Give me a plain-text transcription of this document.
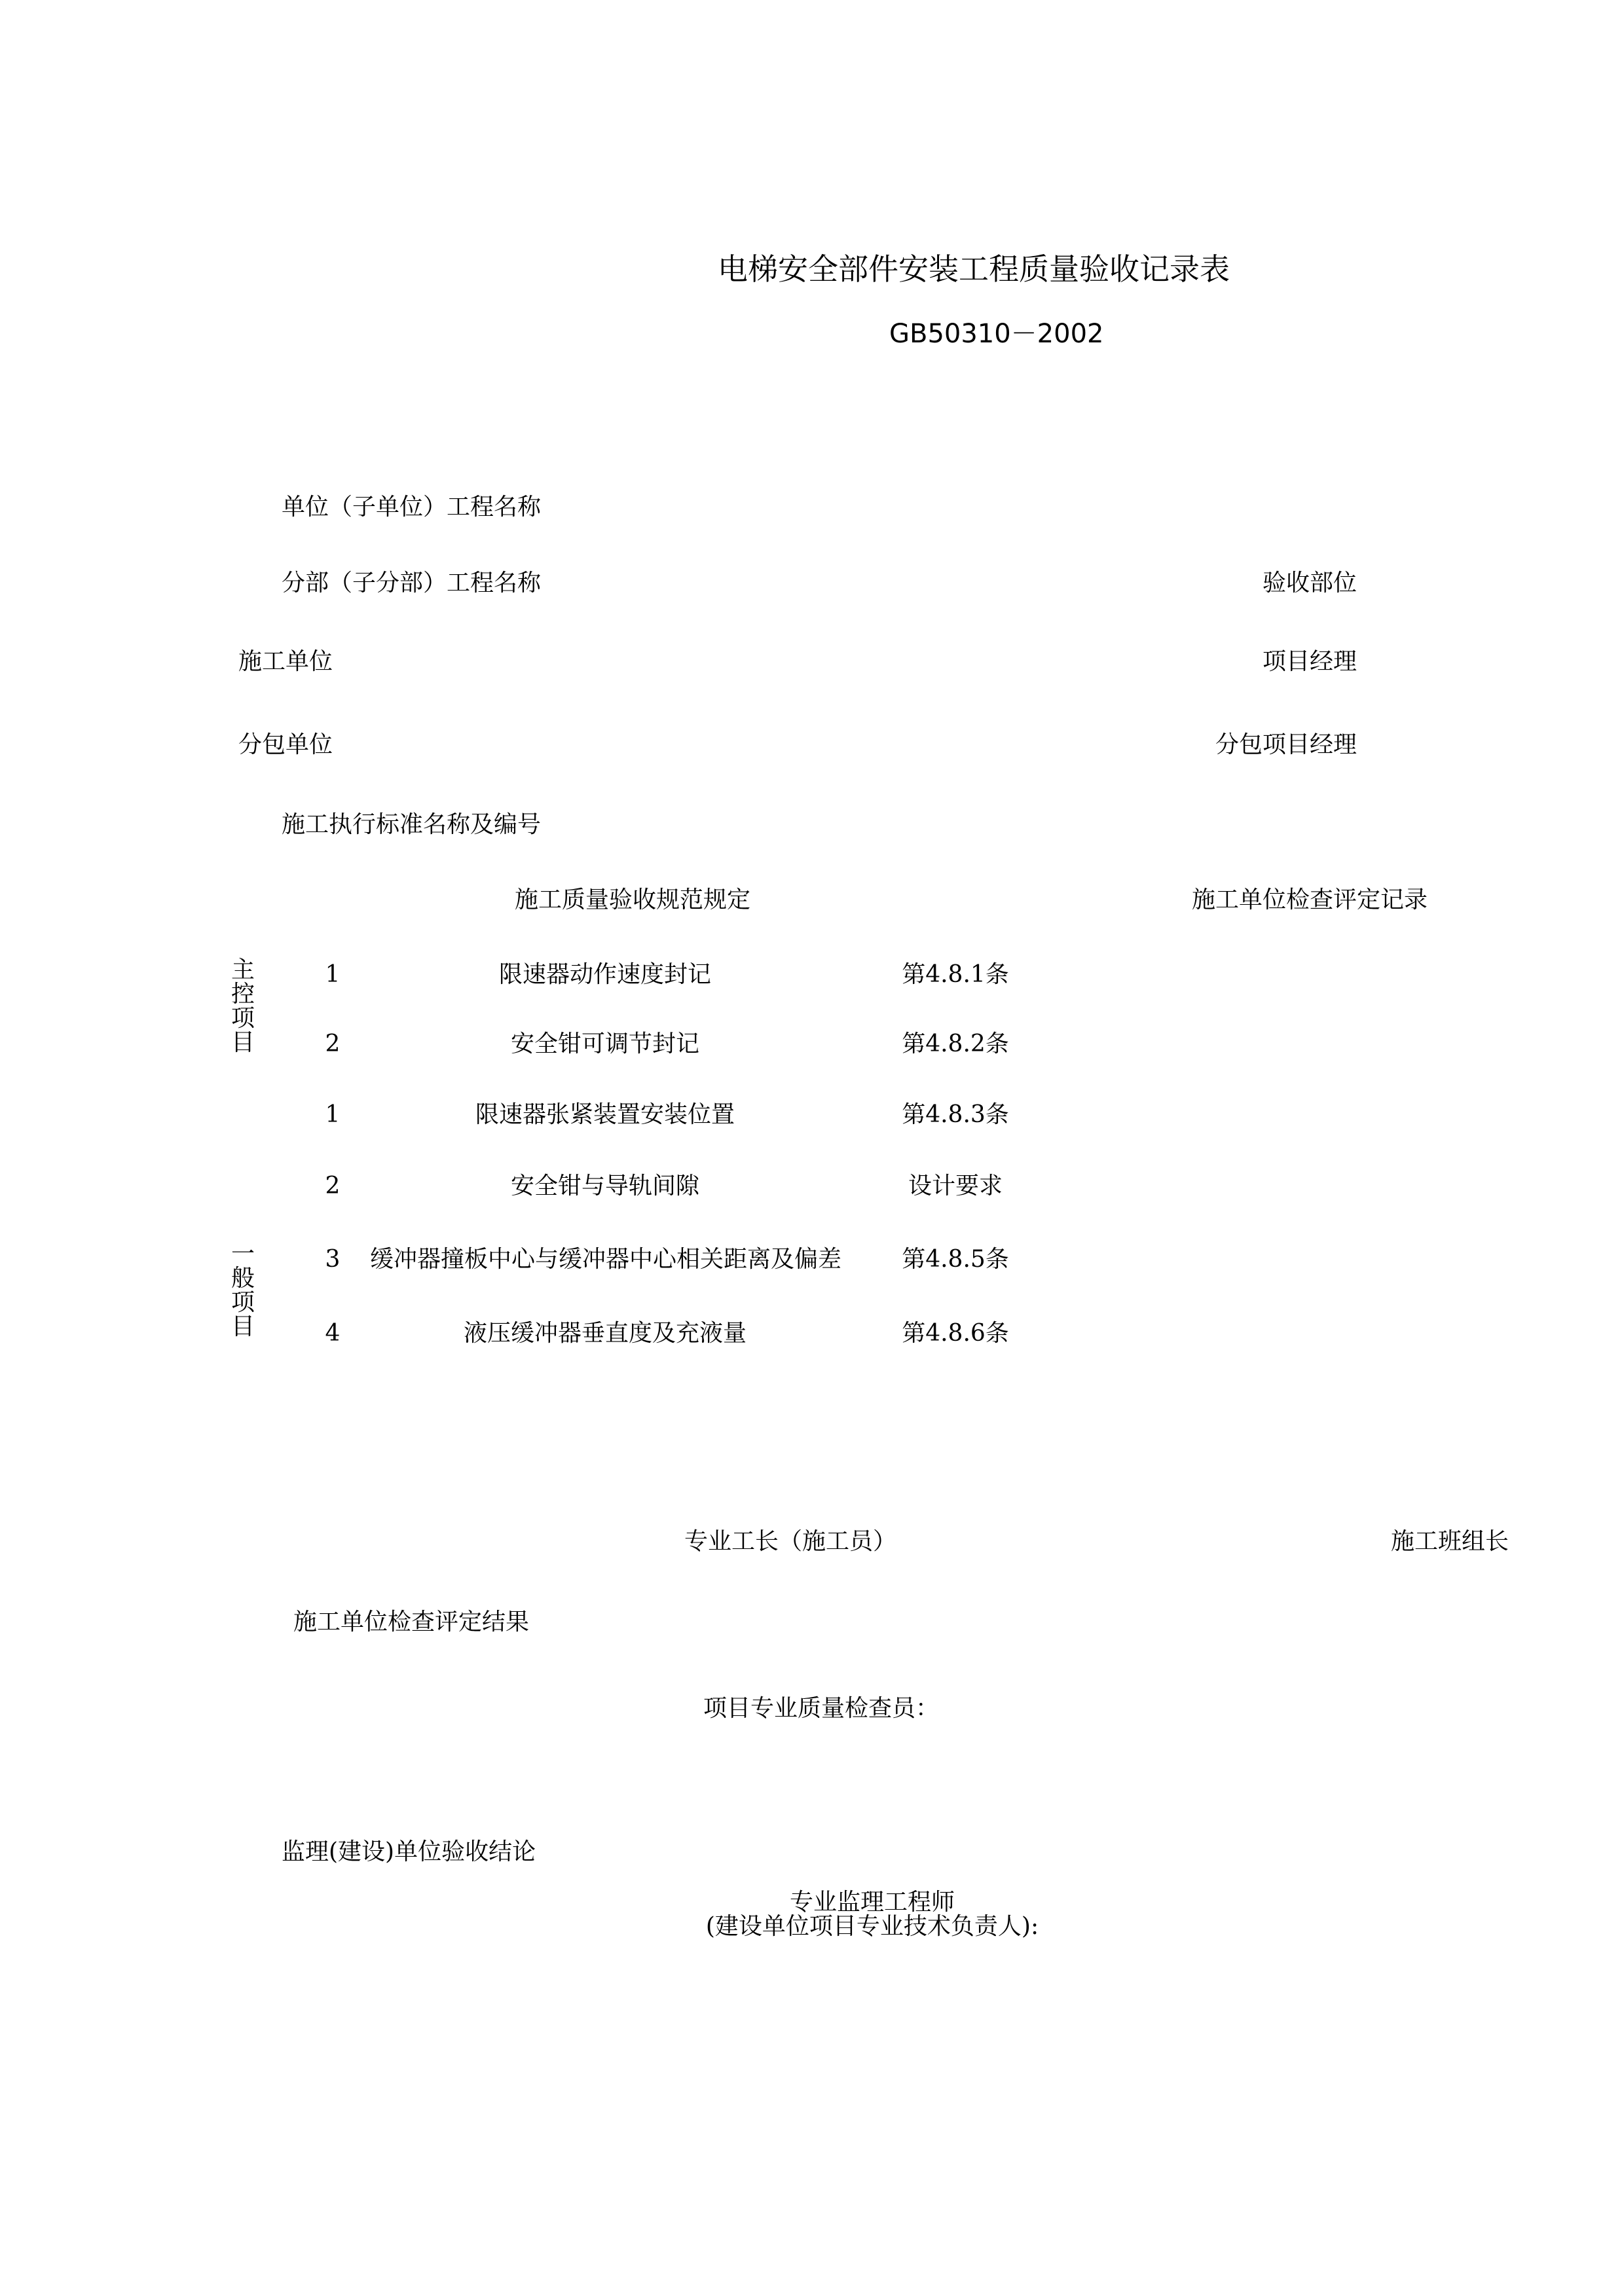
电梯安全部件安装工程质量验收记录表
GB50310－2002
单位（子单位）工程名称
分部（子分部）工程名称	验收部位
施工单位	项目经理
分包单位	分包项目经理
施工执行标准名称及编号
施工质量验收规范规定	施工单位检查评定记录
主
控
项
目
1	限速器动作速度封记	第4.8.1条
2	安全钳可调节封记	第4.8.2条
1	限速器张紧装置安装位置	第4.8.3条
2	安全钳与导轨间隙	设计要求
3 缓冲器撞板中心与缓冲器中心相关距离及偏差	第4.8.5条
4	液压缓冲器垂直度及充液量	第4.8.6条
一
般
项
目
专业工长（施工员）	施工班组长
施工单位检查评定结果
项目专业质量检查员：
监理(建设)单位验收结论
专业监理工程师
(建设单位项目专业技术负责人):
